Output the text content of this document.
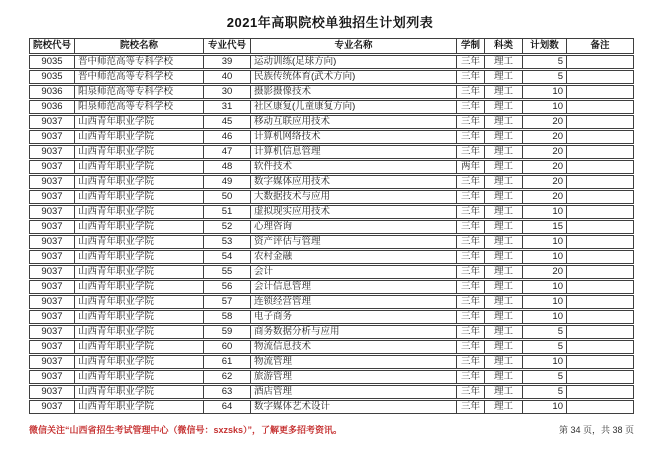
2021年高职院校单独招生计划列表
院校代号	院校名称	专业代号	专业名称	学制	科类	计划数	备注
9035	晋中师范高等专科学校	39	运动训练(足球方向)	三年	理工	5	
9035	晋中师范高等专科学校	40	民族传统体育(武术方向)	三年	理工	5	
9036	阳泉师范高等专科学校	30	摄影摄像技术	三年	理工	10	
9036	阳泉师范高等专科学校	31	社区康复(儿童康复方向)	三年	理工	10	
9037	山西青年职业学院	45	移动互联应用技术	三年	理工	20	
9037	山西青年职业学院	46	计算机网络技术	三年	理工	20	
9037	山西青年职业学院	47	计算机信息管理	三年	理工	20	
9037	山西青年职业学院	48	软件技术	两年	理工	20	
9037	山西青年职业学院	49	数字媒体应用技术	三年	理工	20	
9037	山西青年职业学院	50	大数据技术与应用	三年	理工	20	
9037	山西青年职业学院	51	虚拟现实应用技术	三年	理工	10	
9037	山西青年职业学院	52	心理咨询	三年	理工	15	
9037	山西青年职业学院	53	资产评估与管理	三年	理工	10	
9037	山西青年职业学院	54	农村金融	三年	理工	10	
9037	山西青年职业学院	55	会计	三年	理工	20	
9037	山西青年职业学院	56	会计信息管理	三年	理工	10	
9037	山西青年职业学院	57	连锁经营管理	三年	理工	10	
9037	山西青年职业学院	58	电子商务	三年	理工	10	
9037	山西青年职业学院	59	商务数据分析与应用	三年	理工	5	
9037	山西青年职业学院	60	物流信息技术	三年	理工	5	
9037	山西青年职业学院	61	物流管理	三年	理工	10	
9037	山西青年职业学院	62	旅游管理	三年	理工	5	
9037	山西青年职业学院	63	酒店管理	三年	理工	5	
9037	山西青年职业学院	64	数字媒体艺术设计	三年	理工	10	
微信关注“山西省招生考试管理中心（微信号：sxzsks）”，了解更多招考资讯。	第 34 页，共 38 页
